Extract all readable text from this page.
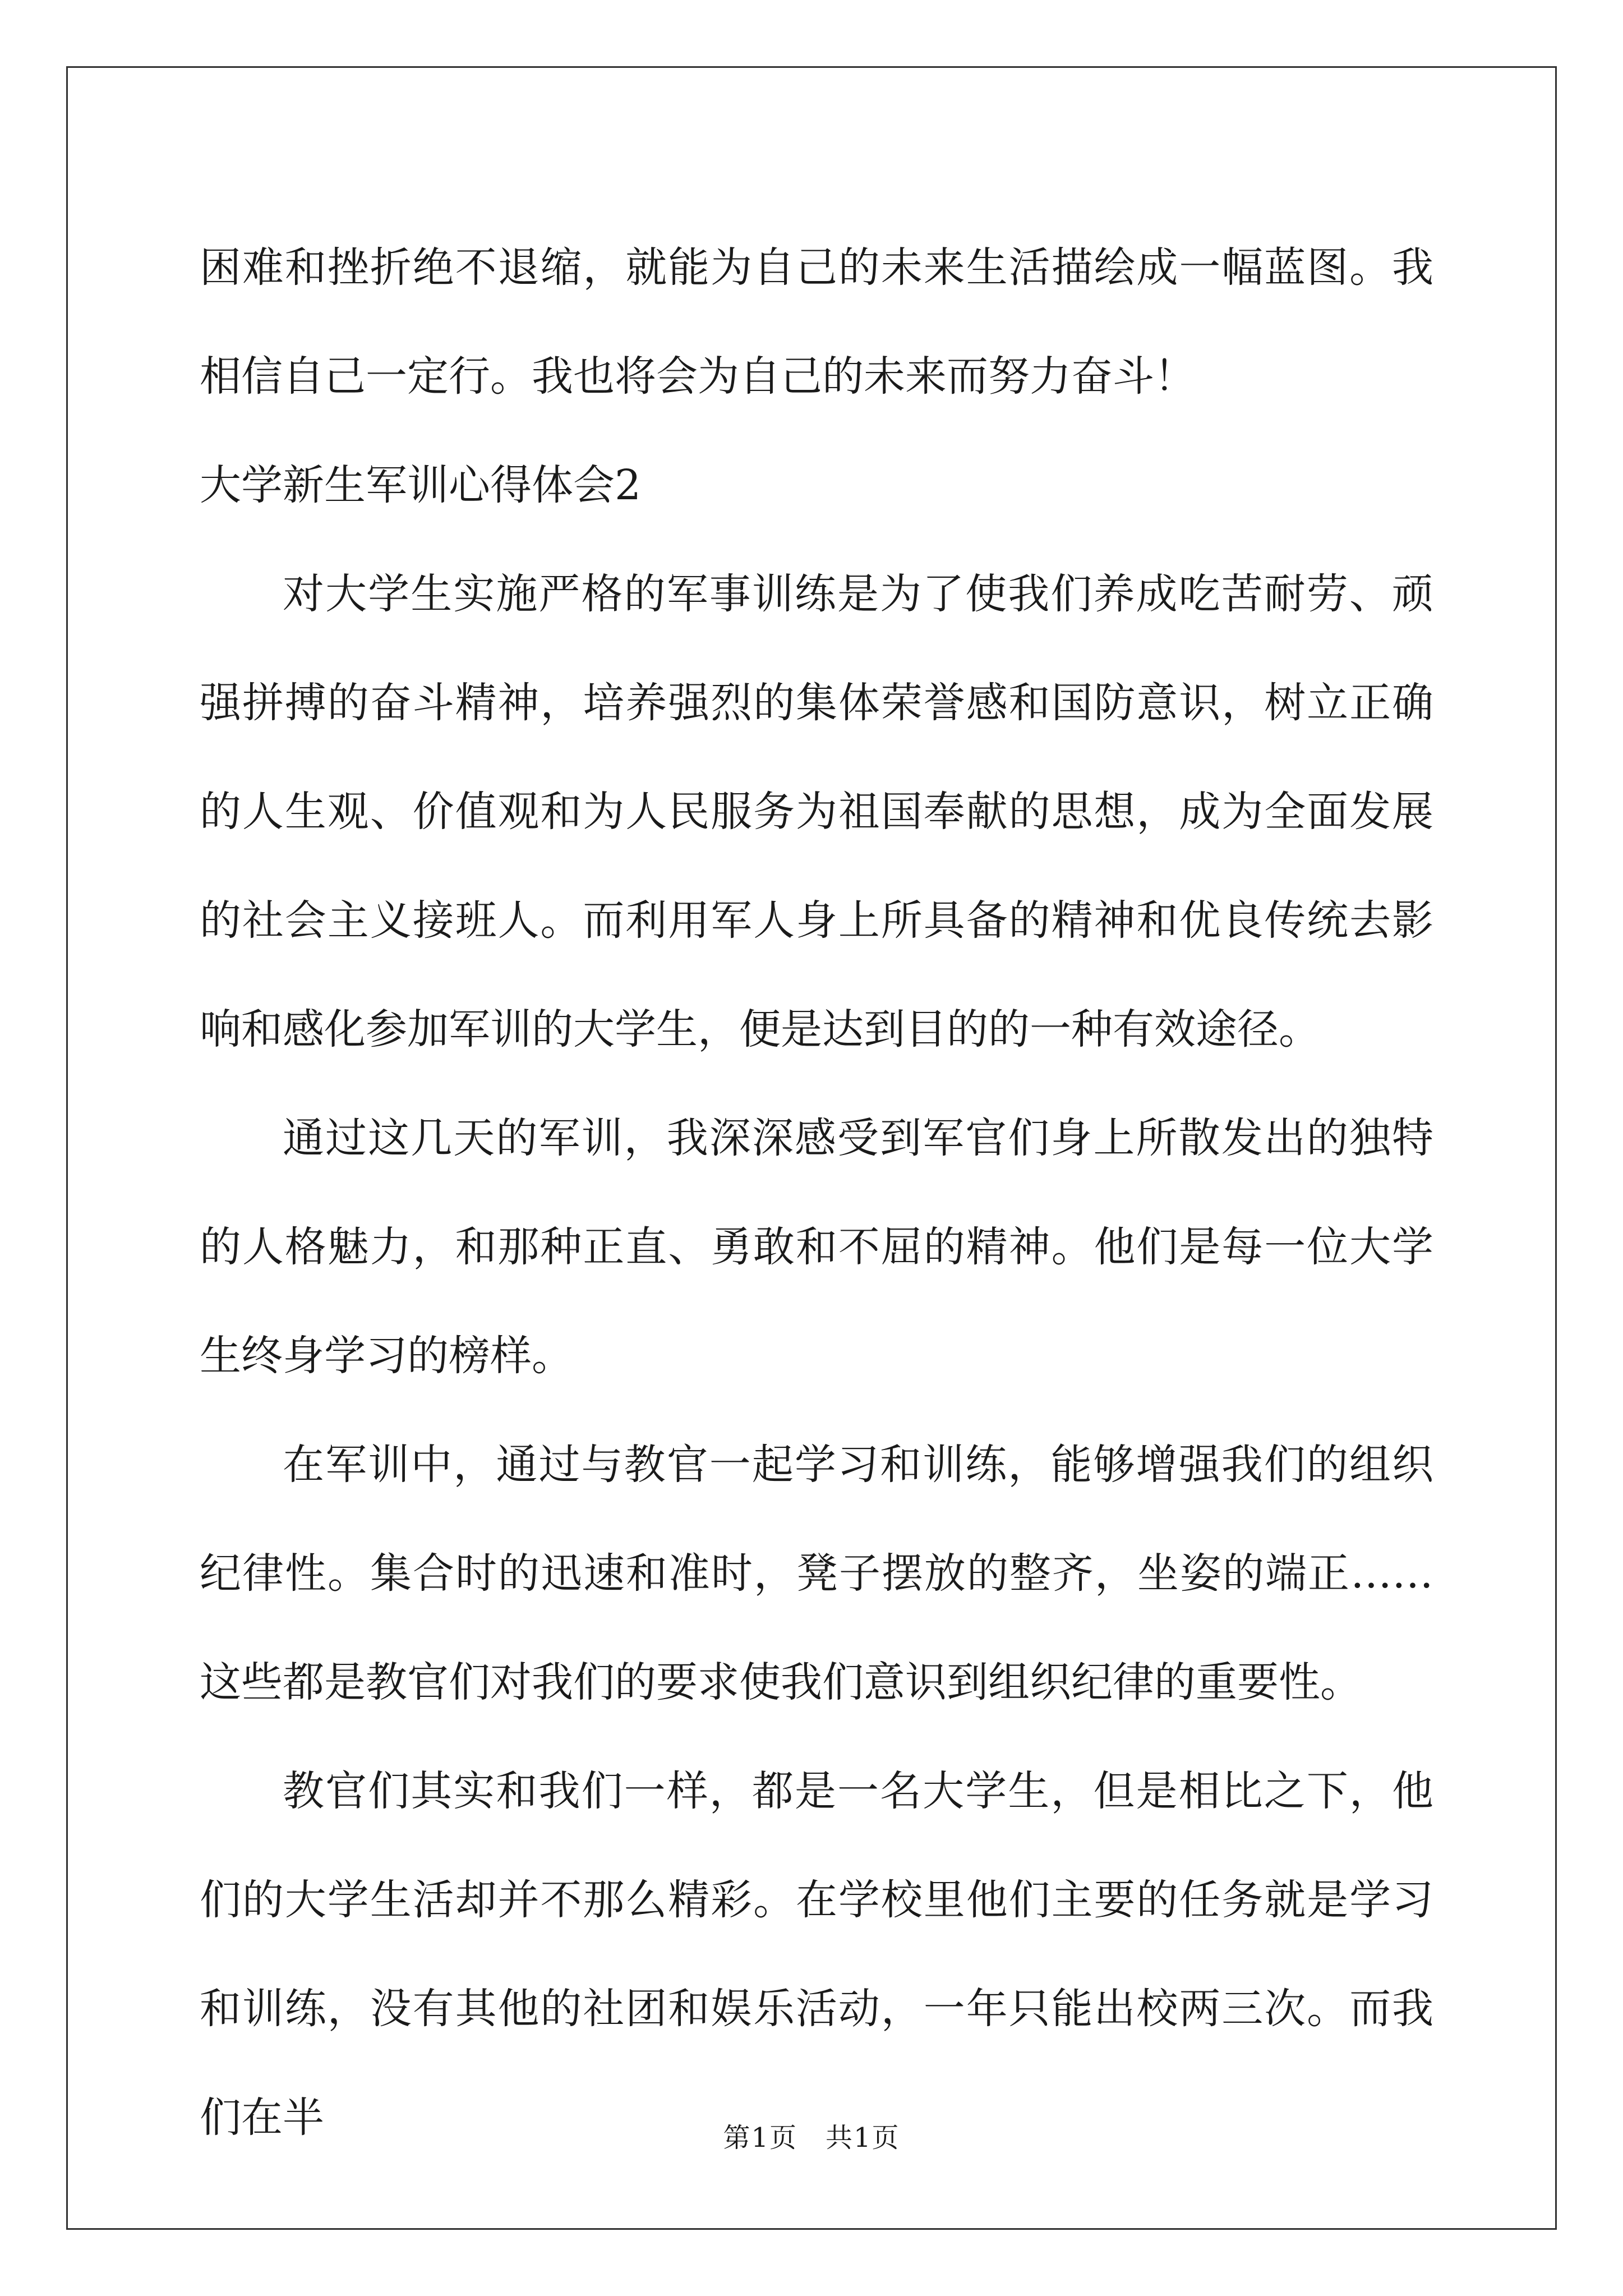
困难和挫折绝不退缩，就能为自己的未来生活描绘成一幅蓝图。我相信自己一定行。我也将会为自己的未来而努力奋斗！

大学新生军训心得体会2

对大学生实施严格的军事训练是为了使我们养成吃苦耐劳、顽强拼搏的奋斗精神，培养强烈的集体荣誉感和国防意识，树立正确的人生观、价值观和为人民服务为祖国奉献的思想，成为全面发展的社会主义接班人。而利用军人身上所具备的精神和优良传统去影响和感化参加军训的大学生，便是达到目的的一种有效途径。

通过这几天的军训，我深深感受到军官们身上所散发出的独特的人格魅力，和那种正直、勇敢和不屈的精神。他们是每一位大学生终身学习的榜样。

在军训中，通过与教官一起学习和训练，能够增强我们的组织纪律性。集合时的迅速和准时，凳子摆放的整齐，坐姿的端正……这些都是教官们对我们的要求使我们意识到组织纪律的重要性。

教官们其实和我们一样，都是一名大学生，但是相比之下，他们的大学生活却并不那么精彩。在学校里他们主要的任务就是学习和训练，没有其他的社团和娱乐活动，一年只能出校两三次。而我们在半	第1页 共1页
